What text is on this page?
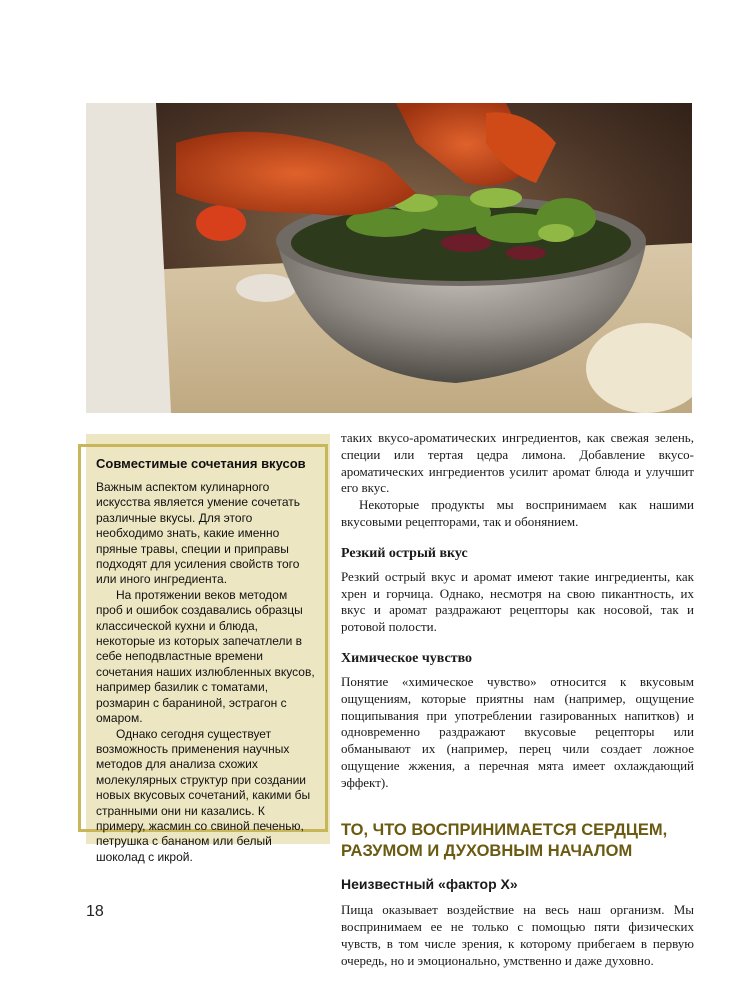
Совместимые сочетания вкусов

Важным аспектом кулинарного искусства является умение сочетать различные вкусы. Для этого необходимо знать, какие именно пряные травы, специи и приправы подходят для усиления свойств того или иного ингредиента.

На протяжении веков методом проб и ошибок создавались образцы классической кухни и блюда, некоторые из которых запечатлели в себе неподвластные времени сочетания наших излюбленных вкусов, например базилик с томатами, розмарин с бараниной, эстрагон с омаром.

Однако сегодня существует возможность применения научных методов для анализа схожих молекулярных структур при создании новых вкусовых сочетаний, какими бы странными они ни казались. К примеру, жасмин со свиной печенью, петрушка с бананом или белый шоколад с икрой.

таких вкусо-ароматических ингредиентов, как свежая зелень, специи или тертая цедра лимона. Добавление вкусо-ароматических ингредиентов усилит аромат блюда и улучшит его вкус.

Некоторые продукты мы воспринимаем как нашими вкусовыми рецепторами, так и обонянием.

Резкий острый вкус

Резкий острый вкус и аромат имеют такие ингредиенты, как хрен и горчица. Однако, несмотря на свою пикантность, их вкус и аромат раздражают рецепторы как носовой, так и ротовой полости.

Химическое чувство

Понятие «химическое чувство» относится к вкусовым ощущениям, которые приятны нам (например, ощущение пощипывания при употреблении газированных напитков) и одновременно раздражают вкусовые рецепторы или обманывают их (например, перец чили создает ложное ощущение жжения, а перечная мята имеет охлаждающий эффект).

ТО, ЧТО ВОСПРИНИМАЕТСЯ СЕРДЦЕМ,
РАЗУМОМ И ДУХОВНЫМ НАЧАЛОМ
Неизвестный «фактор Х»

Пища оказывает воздействие на весь наш организм. Мы воспринимаем ее не только с помощью пяти физических чувств, в том числе зрения, к которому прибегаем в первую очередь, но и эмоционально, умственно и даже духовно.

18
